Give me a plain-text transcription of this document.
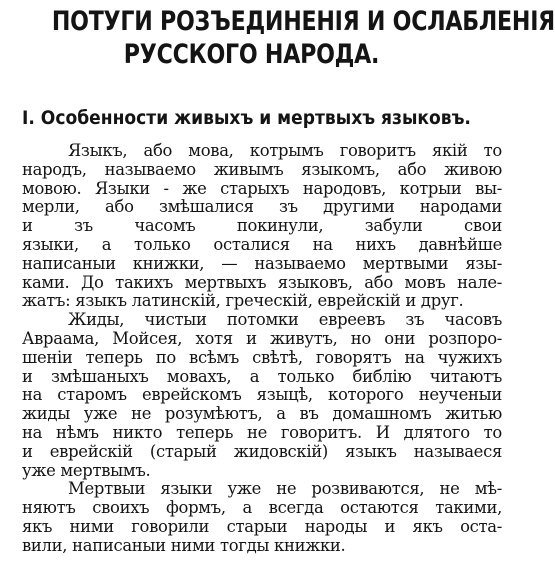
ПОТУГИ РОЗЪЕДИНЕНІЯ И ОСЛАБЛЕНІЯ
РУССКОГО НАРОДА.
I. Особенности живыхъ и мертвыхъ языковъ.
Языкъ, або мова, котрымъ говоритъ якій то
народъ, называемо живымъ языкомъ, або живою
мовою. Языки - же старыхъ народовъ, котрыи вы-
мерли, або змѣшалися зъ другими народами
и зъ часомъ покинули, забули свои
языки, а только осталися на нихъ давнѣйше
написаныи книжки, — называемо мертвыми язы-
ками. До такихъ мертвыхъ языковъ, або мовъ нале-
жатъ: языкъ латинскій, греческій, еврейскій и друг.
Жиды, чистыи потомки евреевъ зъ часовъ
Авраама, Мойсея, хотя и живутъ, но они розпоро-
шеніи теперь по всѣмъ свѣтѣ, говорятъ на чужихъ
и змѣшаныхъ мовахъ, а только библію читаютъ
на старомъ еврейскомъ языцѣ, которого неученыи
жиды уже не розумѣютъ, а въ домашномъ житью
на нѣмъ никто теперь не говоритъ. И длятого то
и еврейскій (старый жидовскій) языкъ называеся
уже мертвымъ.
Мертвыи языки уже не розвиваются, не мѣ-
няютъ своихъ формъ, а всегда остаются такими,
якъ ними говорили старыи народы и якъ оста-
вили, написаныи ними тогды книжки.
